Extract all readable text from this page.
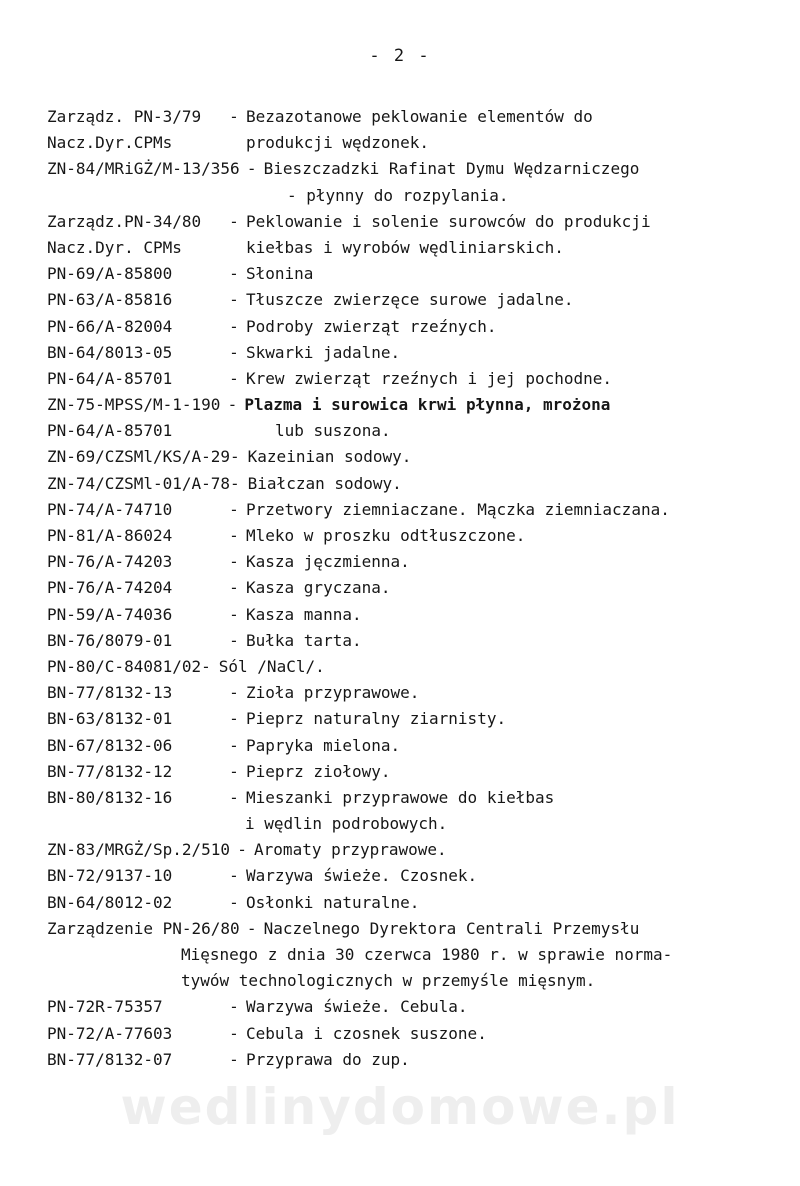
- 2 -
Zarządz. PN-3/79	- Bezazotanowe peklowanie elementów do
Nacz.Dyr.CPMs	produkcji wędzonek.
ZN-84/MRiGŻ/M-13/356 - Bieszczadzki Rafinat Dymu Wędzarniczego
- płynny do rozpylania.
Zarządz.PN-34/80	- Peklowanie i solenie surowców do produkcji
Nacz.Dyr. CPMs	kiełbas i wyrobów wędliniarskich.
PN-69/A-85800	- Słonina
PN-63/A-85816	- Tłuszcze zwierzęce surowe jadalne.
PN-66/A-82004	- Podroby zwierząt rzeźnych.
BN-64/8013-05	- Skwarki jadalne.
PN-64/A-85701	- Krew zwierząt rzeźnych i jej pochodne.
ZN-75-MPSS/M-1-190 - Plazma i surowica krwi płynna, mrożona
PN-64/A-85701	lub suszona.
ZN-69/CZSMl/KS/A-29- Kazeinian sodowy.
ZN-74/CZSMl-01/A-78- Białczan sodowy.
PN-74/A-74710	- Przetwory ziemniaczane. Mączka ziemniaczana.
PN-81/A-86024	- Mleko w proszku odtłuszczone.
PN-76/A-74203	- Kasza jęczmienna.
PN-76/A-74204	- Kasza gryczana.
PN-59/A-74036	- Kasza manna.
BN-76/8079-01	- Bułka tarta.
PN-80/C-84081/02- Sól /NaCl/.
BN-77/8132-13	- Zioła przyprawowe.
BN-63/8132-01	- Pieprz naturalny ziarnisty.
BN-67/8132-06	- Papryka mielona.
BN-77/8132-12	- Pieprz ziołowy.
BN-80/8132-16	- Mieszanki przyprawowe do kiełbas
i wędlin podrobowych.
ZN-83/MRGŻ/Sp.2/510 - Aromaty przyprawowe.
BN-72/9137-10	- Warzywa świeże. Czosnek.
BN-64/8012-02	- Osłonki naturalne.
Zarządzenie PN-26/80 - Naczelnego Dyrektora Centrali Przemysłu
Mięsnego z dnia 30 czerwca 1980 r. w sprawie norma-
tywów technologicznych w przemyśle mięsnym.
PN-72R-75357	- Warzywa świeże. Cebula.
PN-72/A-77603	- Cebula i czosnek suszone.
BN-77/8132-07	- Przyprawa do zup.
wedlinydomowe.pl
